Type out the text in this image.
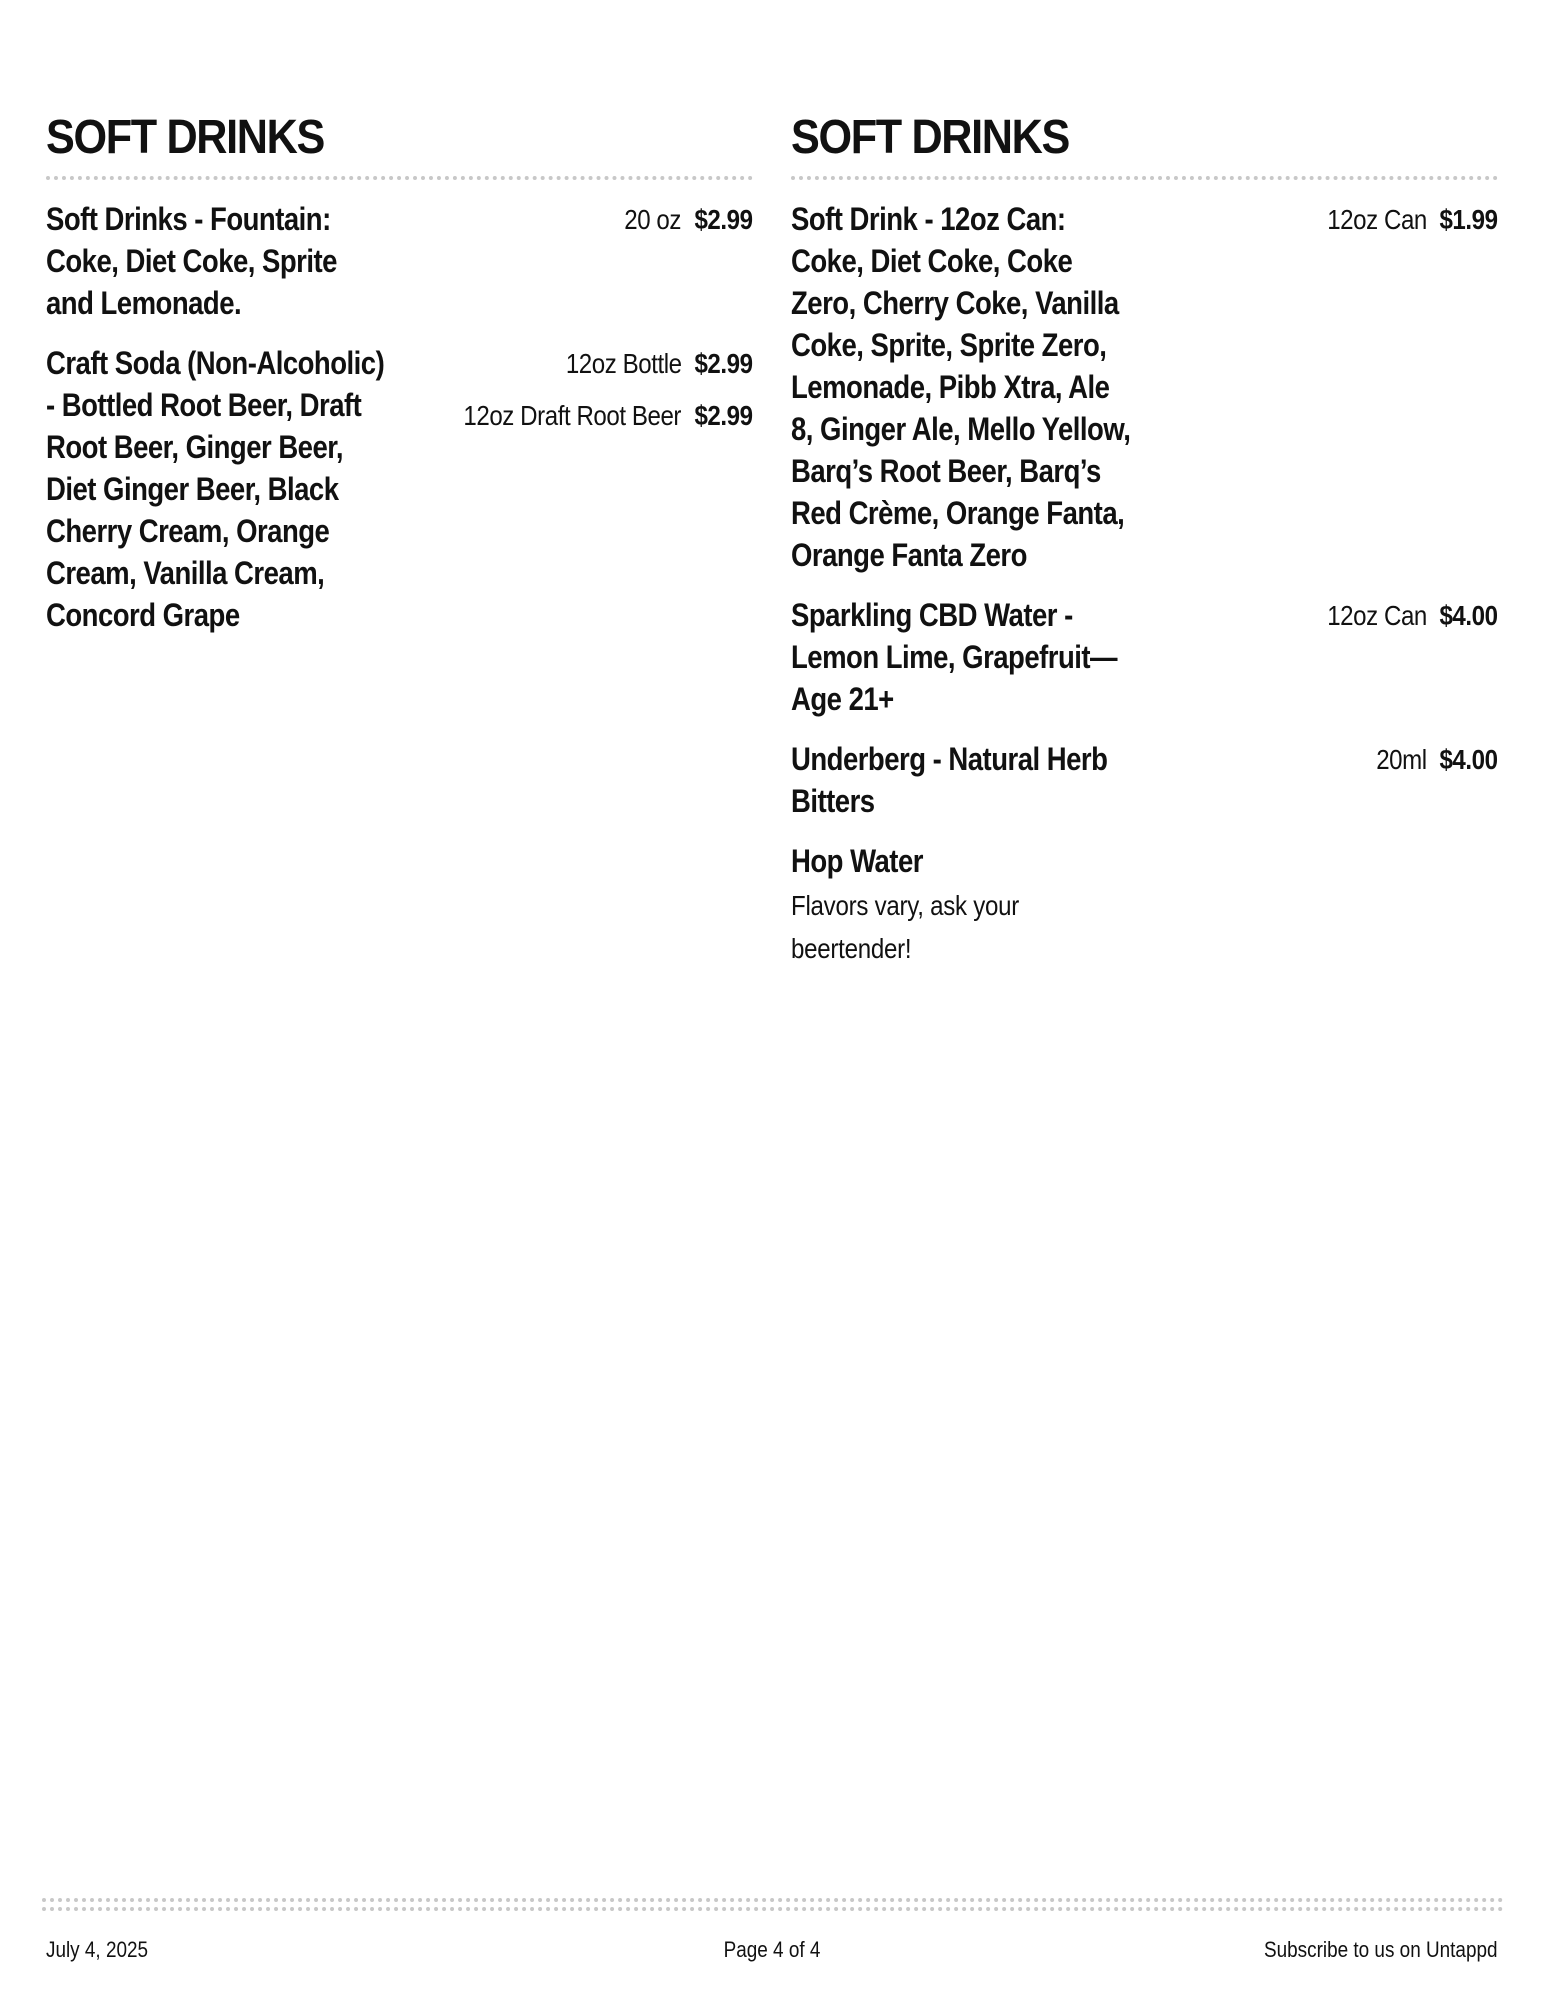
SOFT DRINKS
Soft Drinks - Fountain: Coke, Diet Coke, Sprite and Lemonade.
20 oz $2.99
Craft Soda (Non-Alcoholic) - Bottled Root Beer, Draft Root Beer, Ginger Beer, Diet Ginger Beer, Black Cherry Cream, Orange Cream, Vanilla Cream, Concord Grape
12oz Bottle $2.99
12oz Draft Root Beer $2.99
SOFT DRINKS
Soft Drink - 12oz Can: Coke, Diet Coke, Coke Zero, Cherry Coke, Vanilla Coke, Sprite, Sprite Zero, Lemonade, Pibb Xtra, Ale 8, Ginger Ale, Mello Yellow, Barq’s Root Beer, Barq’s Red Crème, Orange Fanta, Orange Fanta Zero
12oz Can $1.99
Sparkling CBD Water - Lemon Lime, Grapefruit—Age 21+
12oz Can $4.00
Underberg - Natural Herb Bitters
20ml $4.00
Hop Water
Flavors vary, ask your beertender!
July 4, 2025	Page 4 of 4	Subscribe to us on Untappd
